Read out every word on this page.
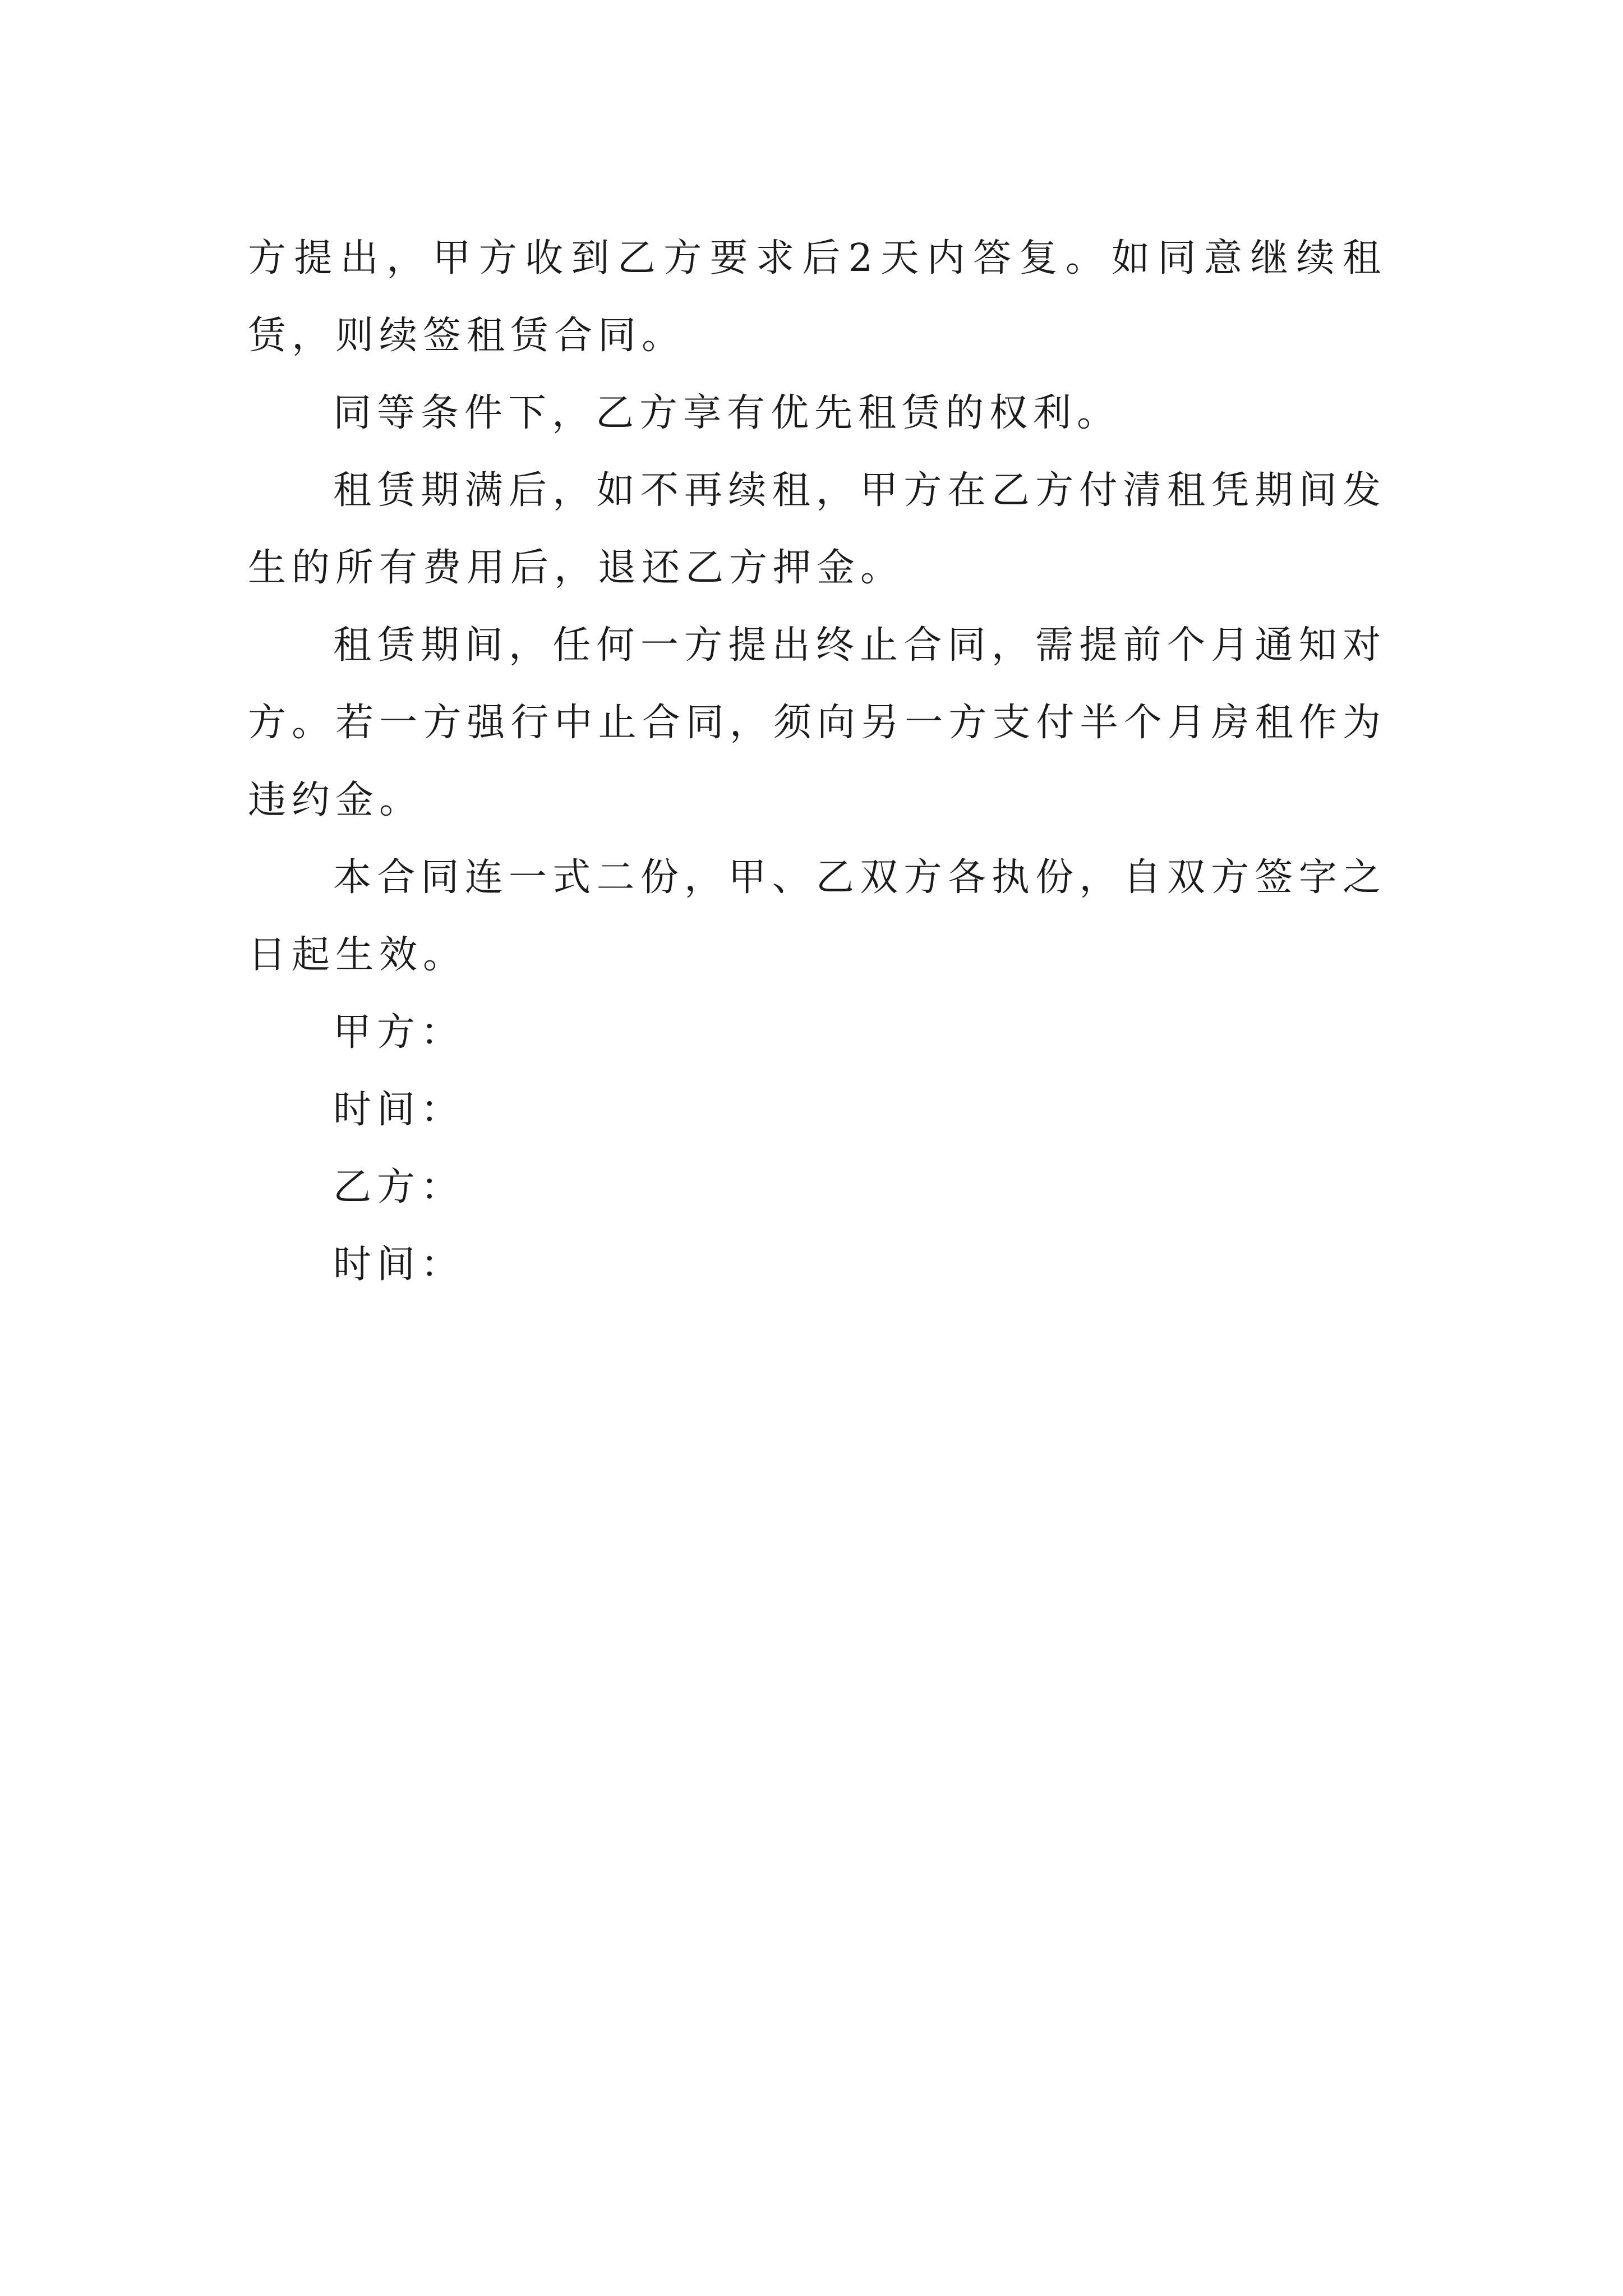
方提出，甲方收到乙方要求后2天内答复。如同意继续租赁，则续签租赁合同。

同等条件下，乙方享有优先租赁的权利。

租赁期满后，如不再续租，甲方在乙方付清租凭期间发生的所有费用后，退还乙方押金。

租赁期间，任何一方提出终止合同，需提前个月通知对方。若一方强行中止合同，须向另一方支付半个月房租作为违约金。

本合同连一式二份，甲、乙双方各执份，自双方签字之日起生效。

甲方：

时间：

乙方：

时间：
